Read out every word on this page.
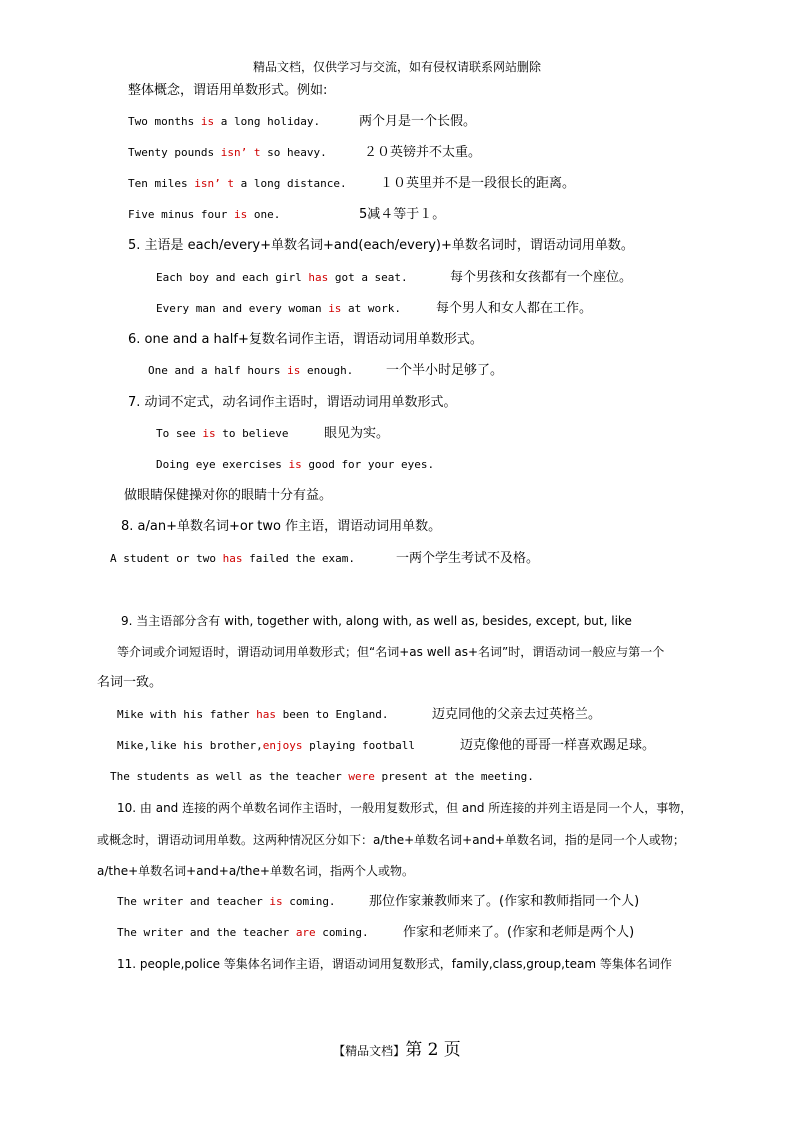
精品文档，仅供学习与交流，如有侵权请联系网站删除
整体概念，谓语用单数形式。例如:
Two months is a long holiday.	两个月是一个长假。
Twenty pounds isn’ t so heavy.	２０英镑并不太重。
Ten miles isn’ t a long distance.	１０英里并不是一段很长的距离。
Five minus four is one.	5减４等于１。
5. 主语是 each/every+单数名词+and(each/every)+单数名词时，谓语动词用单数。
Each boy and each girl has got a seat.	每个男孩和女孩都有一个座位。
Every man and every woman is at work.	每个男人和女人都在工作。
6. one and a half+复数名词作主语，谓语动词用单数形式。
One and a half hours is enough.	一个半小时足够了。
7. 动词不定式，动名词作主语时，谓语动词用单数形式。
To see is to believe	眼见为实。
Doing eye exercises is good for your eyes.
做眼睛保健操对你的眼睛十分有益。
8. a/an+单数名词+or two 作主语，谓语动词用单数。
A student or two has failed the exam.	一两个学生考试不及格。
9. 当主语部分含有 with, together with, along with, as well as, besides, except, but, like
等介词或介词短语时，谓语动词用单数形式；但“名词+as well as+名词”时，谓语动词一般应与第一个
名词一致。
Mike with his father has been to England.	迈克同他的父亲去过英格兰。
Mike,like his brother,enjoys playing football	迈克像他的哥哥一样喜欢踢足球。
The students as well as the teacher were present at the meeting.
10. 由 and 连接的两个单数名词作主语时，一般用复数形式，但 and 所连接的并列主语是同一个人，事物，
或概念时，谓语动词用单数。这两种情况区分如下：a/the+单数名词+and+单数名词，指的是同一个人或物；
a/the+单数名词+and+a/the+单数名词，指两个人或物。
The writer and teacher is coming.	那位作家兼教师来了。(作家和教师指同一个人)
The writer and the teacher are coming.	作家和老师来了。(作家和老师是两个人)
11. people,police 等集体名词作主语，谓语动词用复数形式，family,class,group,team 等集体名词作
【精品文档】第 2 页
